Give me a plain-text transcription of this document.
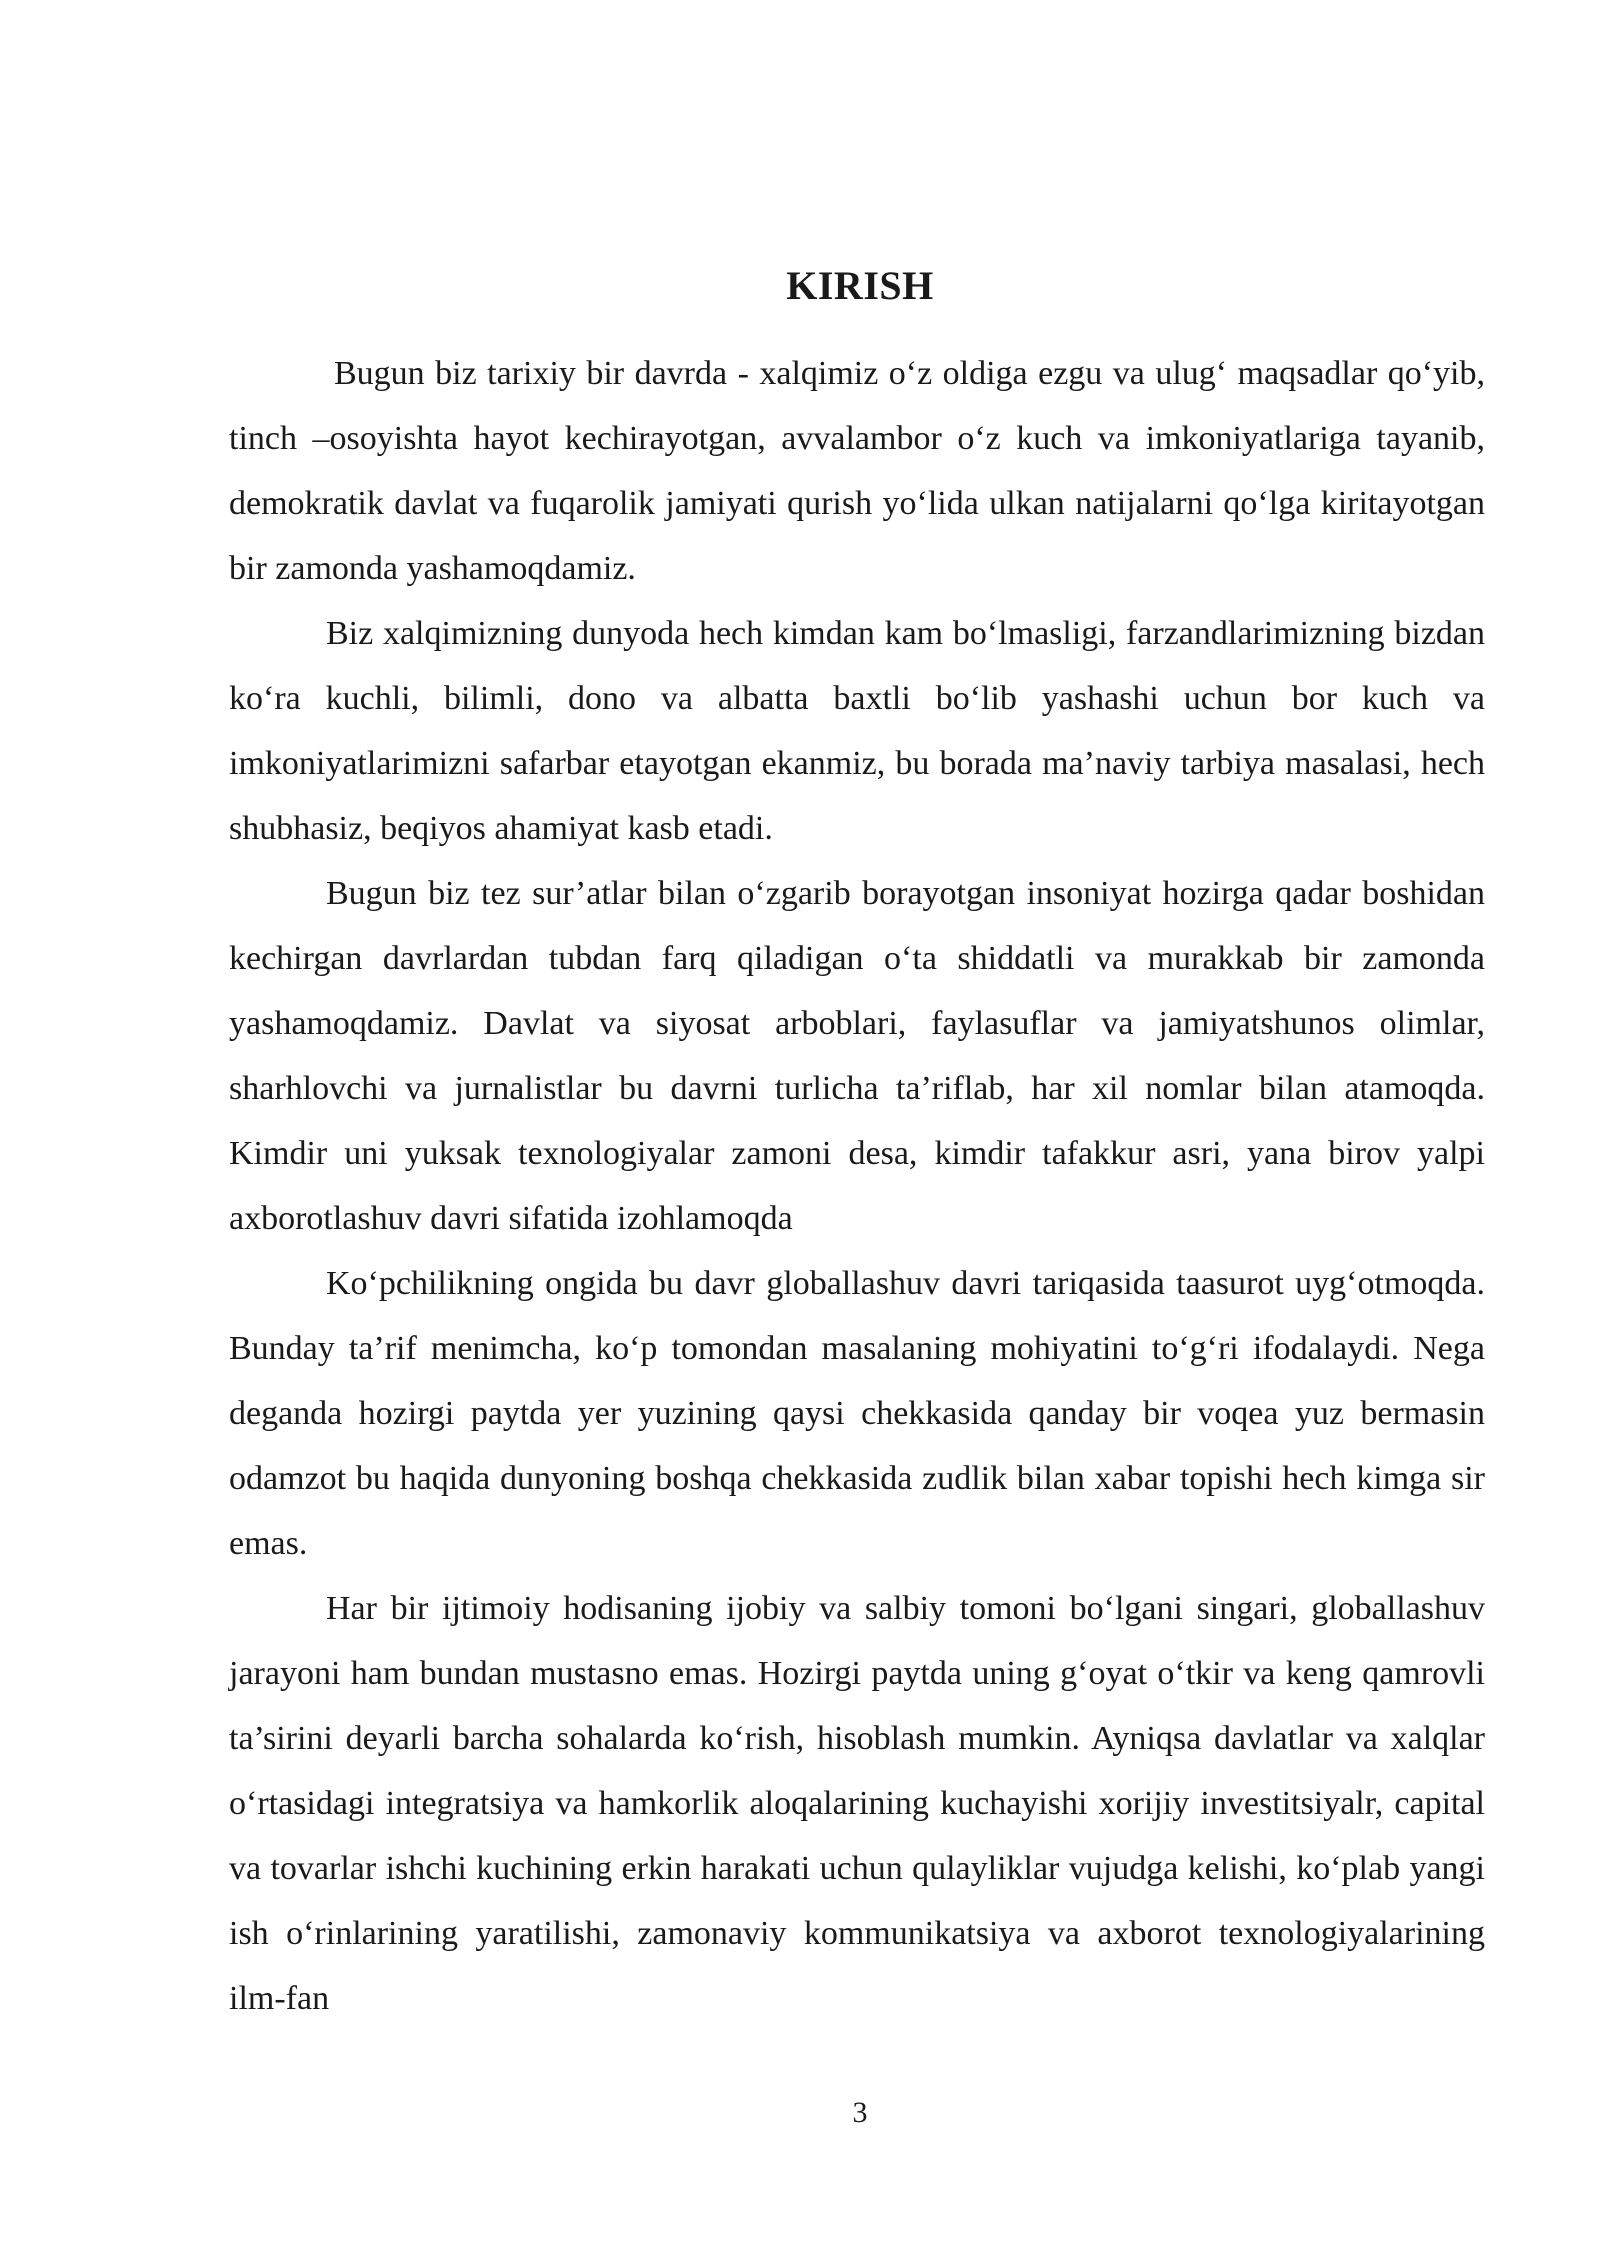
KIRISH

Bugun biz tarixiy bir davrda - xalqimiz o‘z oldiga ezgu va ulug‘ maqsadlar qo‘yib, tinch –osoyishta hayot kechirayotgan, avvalambor o‘z kuch va imkoniyatlariga tayanib, demokratik davlat va fuqarolik jamiyati qurish yo‘lida ulkan natijalarni qo‘lga kiritayotgan bir zamonda yashamoqdamiz.

Biz xalqimizning dunyoda hech kimdan kam bo‘lmasligi, farzandlarimizning bizdan ko‘ra kuchli, bilimli, dono va albatta baxtli bo‘lib yashashi uchun bor kuch va imkoniyatlarimizni safarbar etayotgan ekanmiz, bu borada ma’naviy tarbiya masalasi, hech shubhasiz, beqiyos ahamiyat kasb etadi.

Bugun biz tez sur’atlar bilan o‘zgarib borayotgan insoniyat hozirga qadar boshidan kechirgan davrlardan tubdan farq qiladigan o‘ta shiddatli va murakkab bir zamonda yashamoqdamiz. Davlat va siyosat arboblari, faylasuflar va jamiyatshunos olimlar, sharhlovchi va jurnalistlar bu davrni turlicha ta’riflab, har xil nomlar bilan atamoqda. Kimdir uni yuksak texnologiyalar zamoni desa, kimdir tafakkur asri, yana birov yalpi axborotlashuv davri sifatida izohlamoqda

Ko‘pchilikning ongida bu davr globallashuv davri tariqasida taasurot uyg‘otmoqda. Bunday ta’rif menimcha, ko‘p tomondan masalaning mohiyatini to‘g‘ri ifodalaydi. Nega deganda hozirgi paytda yer yuzining qaysi chekkasida qanday bir voqea yuz bermasin odamzot bu haqida dunyoning boshqa chekkasida zudlik bilan xabar topishi hech kimga sir emas.

Har bir ijtimoiy hodisaning ijobiy va salbiy tomoni bo‘lgani singari, globallashuv jarayoni ham bundan mustasno emas. Hozirgi paytda uning g‘oyat o‘tkir va keng qamrovli ta’sirini deyarli barcha sohalarda ko‘rish, hisoblash mumkin. Ayniqsa davlatlar va xalqlar o‘rtasidagi integratsiya va hamkorlik aloqalarining kuchayishi xorijiy investitsiyalr, capital va tovarlar ishchi kuchining erkin harakati uchun qulayliklar vujudga kelishi, ko‘plab yangi ish o‘rinlarining yaratilishi, zamonaviy kommunikatsiya va axborot texnologiyalarining ilm-fan

3
